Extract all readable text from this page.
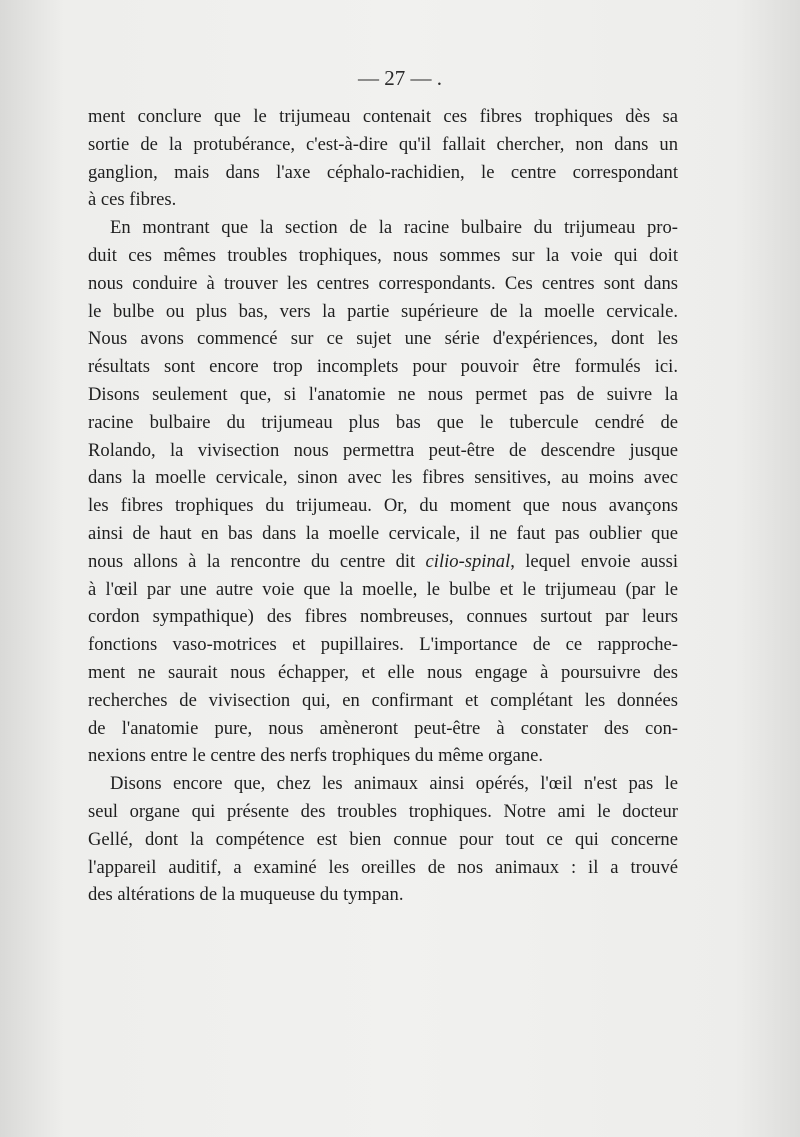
— 27 — .

ment conclure que le trijumeau contenait ces fibres trophiques dès sa
sortie de la protubérance, c'est-à-dire qu'il fallait chercher, non dans un
ganglion, mais dans l'axe céphalo-rachidien, le centre correspondant
à ces fibres.

En montrant que la section de la racine bulbaire du trijumeau pro-
duit ces mêmes troubles trophiques, nous sommes sur la voie qui doit
nous conduire à trouver les centres correspondants. Ces centres sont dans
le bulbe ou plus bas, vers la partie supérieure de la moelle cervicale.
Nous avons commencé sur ce sujet une série d'expériences, dont les
résultats sont encore trop incomplets pour pouvoir être formulés ici.
Disons seulement que, si l'anatomie ne nous permet pas de suivre la
racine bulbaire du trijumeau plus bas que le tubercule cendré de
Rolando, la vivisection nous permettra peut-être de descendre jusque
dans la moelle cervicale, sinon avec les fibres sensitives, au moins avec
les fibres trophiques du trijumeau. Or, du moment que nous avançons
ainsi de haut en bas dans la moelle cervicale, il ne faut pas oublier que
nous allons à la rencontre du centre dit cilio-spinal, lequel envoie aussi
à l'œil par une autre voie que la moelle, le bulbe et le trijumeau (par le
cordon sympathique) des fibres nombreuses, connues surtout par leurs
fonctions vaso-motrices et pupillaires. L'importance de ce rapproche-
ment ne saurait nous échapper, et elle nous engage à poursuivre des
recherches de vivisection qui, en confirmant et complétant les données
de l'anatomie pure, nous amèneront peut-être à constater des con-
nexions entre le centre des nerfs trophiques du même organe.

Disons encore que, chez les animaux ainsi opérés, l'œil n'est pas le
seul organe qui présente des troubles trophiques. Notre ami le docteur
Gellé, dont la compétence est bien connue pour tout ce qui concerne
l'appareil auditif, a examiné les oreilles de nos animaux : il a trouvé
des altérations de la muqueuse du tympan.
